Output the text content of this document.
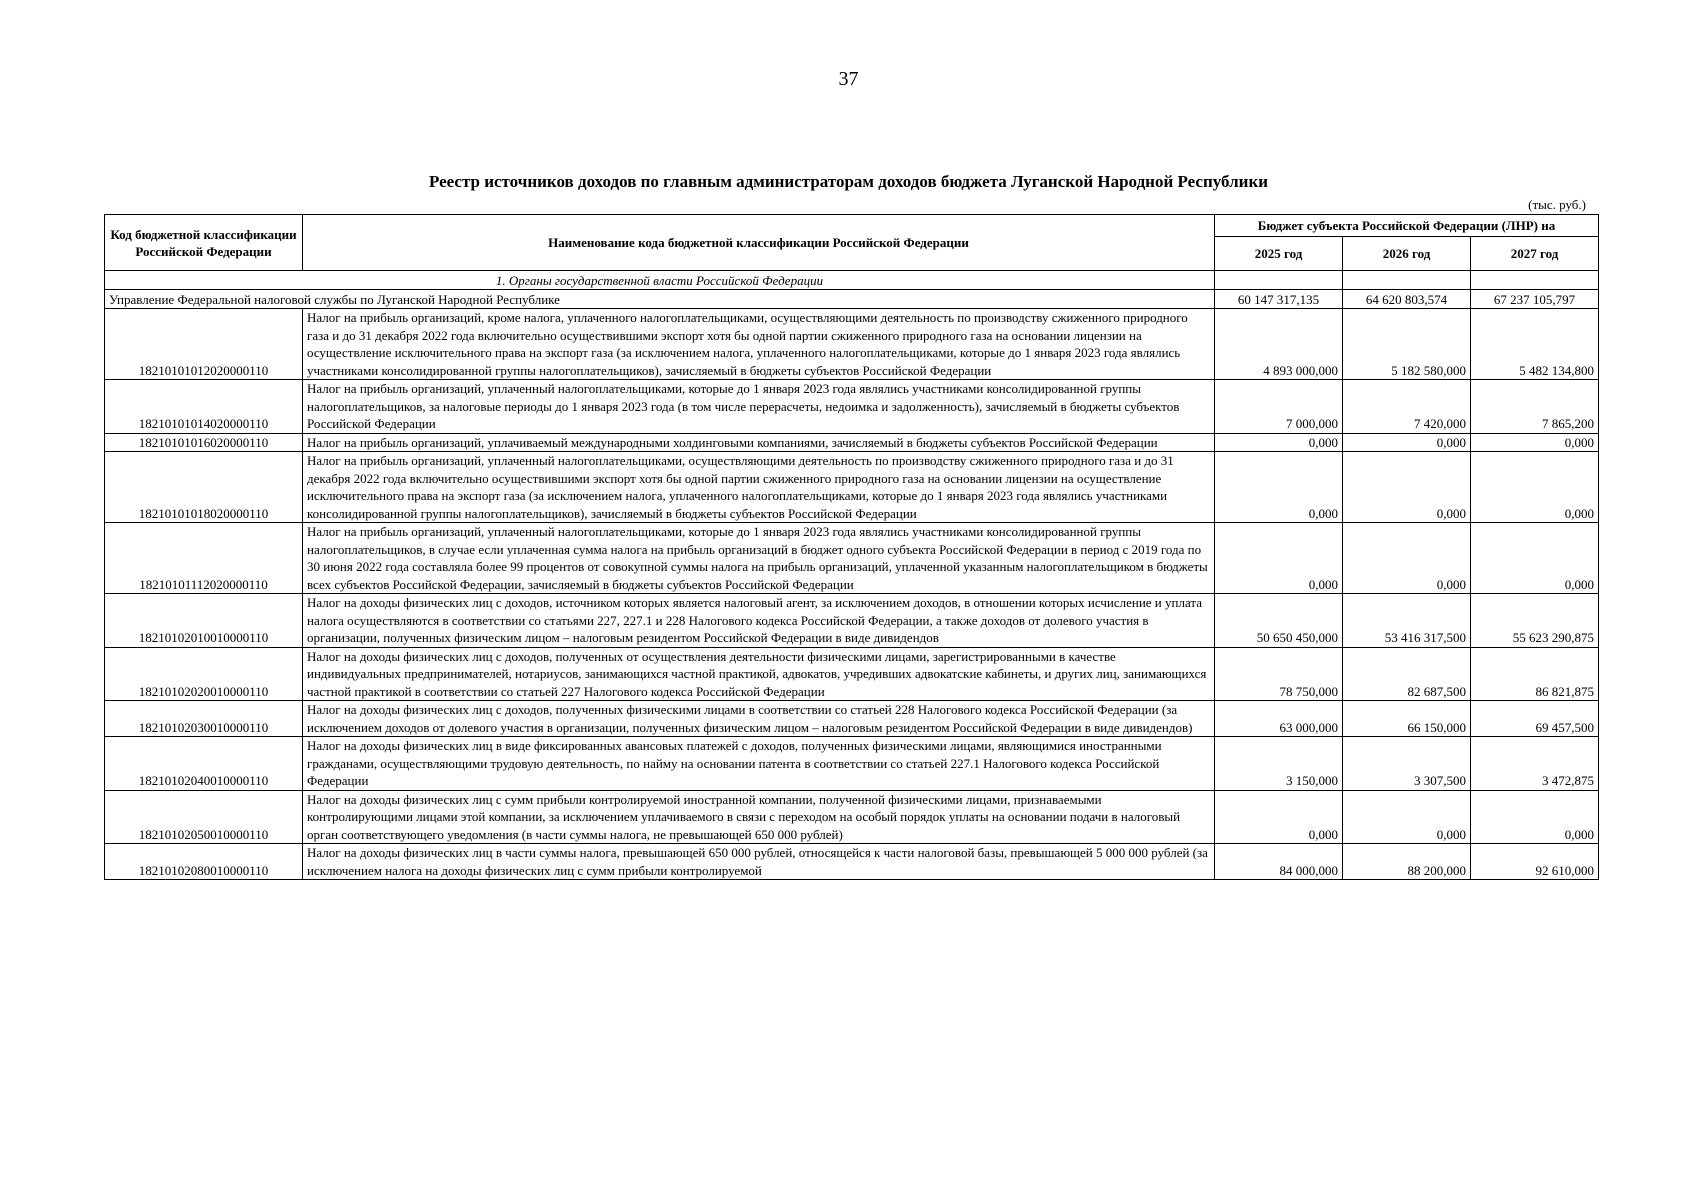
37
Реестр источников доходов по главным администраторам доходов бюджета Луганской Народной Республики
(тыс. руб.)
Код бюджетной классификации Российской Федерации	Наименование кода бюджетной классификации Российской Федерации	Бюджет субъекта Российской Федерации (ЛНР) на		
		2025 год	2026 год	2027 год
1. Органы государственной власти Российской Федерации				
Управление Федеральной налоговой службы по Луганской Народной Республике		60 147 317,135	64 620 803,574	67 237 105,797
18210101012020000110	Налог на прибыль организаций, кроме налога, уплаченного налогоплательщиками, осуществляющими деятельность по производству сжиженного природного газа и до 31 декабря 2022 года включительно осуществившими экспорт хотя бы одной партии сжиженного природного газа на основании лицензии на осуществление исключительного права на экспорт газа (за исключением налога, уплаченного налогоплательщиками, которые до 1 января 2023 года являлись участниками консолидированной группы налогоплательщиков), зачисляемый в бюджеты субъектов Российской Федерации	4 893 000,000	5 182 580,000	5 482 134,800
18210101014020000110	Налог на прибыль организаций, уплаченный налогоплательщиками, которые до 1 января 2023 года являлись участниками консолидированной группы налогоплательщиков, за налоговые периоды до 1 января 2023 года (в том числе перерасчеты, недоимка и задолженность), зачисляемый в бюджеты субъектов Российской Федерации	7 000,000	7 420,000	7 865,200
18210101016020000110	Налог на прибыль организаций, уплачиваемый международными холдинговыми компаниями, зачисляемый в бюджеты субъектов Российской Федерации	0,000	0,000	0,000
18210101018020000110	Налог на прибыль организаций, уплаченный налогоплательщиками, осуществляющими деятельность по производству сжиженного природного газа и до 31 декабря 2022 года включительно осуществившими экспорт хотя бы одной партии сжиженного природного газа на основании лицензии на осуществление исключительного права на экспорт газа (за исключением налога, уплаченного налогоплательщиками, которые до 1 января 2023 года являлись участниками консолидированной группы налогоплательщиков), зачисляемый в бюджеты субъектов Российской Федерации	0,000	0,000	0,000
18210101112020000110	Налог на прибыль организаций, уплаченный налогоплательщиками, которые до 1 января 2023 года являлись участниками консолидированной группы налогоплательщиков, в случае если уплаченная сумма налога на прибыль организаций в бюджет одного субъекта Российской Федерации в период с 2019 года по 30 июня 2022 года составляла более 99 процентов от совокупной суммы налога на прибыль организаций, уплаченной указанным налогоплательщиком в бюджеты всех субъектов Российской Федерации, зачисляемый в бюджеты субъектов Российской Федерации	0,000	0,000	0,000
18210102010010000110	Налог на доходы физических лиц с доходов, источником которых является налоговый агент, за исключением доходов, в отношении которых исчисление и уплата налога осуществляются в соответствии со статьями 227, 227.1 и 228 Налогового кодекса Российской Федерации, а также доходов от долевого участия в организации, полученных физическим лицом – налоговым резидентом Российской Федерации в виде дивидендов	50 650 450,000	53 416 317,500	55 623 290,875
18210102020010000110	Налог на доходы физических лиц с доходов, полученных от осуществления деятельности физическими лицами, зарегистрированными в качестве индивидуальных предпринимателей, нотариусов, занимающихся частной практикой, адвокатов, учредивших адвокатские кабинеты, и других лиц, занимающихся частной практикой в соответствии со статьей 227 Налогового кодекса Российской Федерации	78 750,000	82 687,500	86 821,875
18210102030010000110	Налог на доходы физических лиц с доходов, полученных физическими лицами в соответствии со статьей 228 Налогового кодекса Российской Федерации (за исключением доходов от долевого участия в организации, полученных физическим лицом – налоговым резидентом Российской Федерации в виде дивидендов)	63 000,000	66 150,000	69 457,500
18210102040010000110	Налог на доходы физических лиц в виде фиксированных авансовых платежей с доходов, полученных физическими лицами, являющимися иностранными гражданами, осуществляющими трудовую деятельность, по найму на основании патента в соответствии со статьей 227.1 Налогового кодекса Российской Федерации	3 150,000	3 307,500	3 472,875
18210102050010000110	Налог на доходы физических лиц с сумм прибыли контролируемой иностранной компании, полученной физическими лицами, признаваемыми контролирующими лицами этой компании, за исключением уплачиваемого в связи с переходом на особый порядок уплаты на основании подачи в налоговый орган соответствующего уведомления (в части суммы налога, не превышающей 650 000 рублей)	0,000	0,000	0,000
18210102080010000110	Налог на доходы физических лиц в части суммы налога, превышающей 650 000 рублей, относящейся к части налоговой базы, превышающей 5 000 000 рублей (за исключением налога на доходы физических лиц с сумм прибыли контролируемой	84 000,000	88 200,000	92 610,000
